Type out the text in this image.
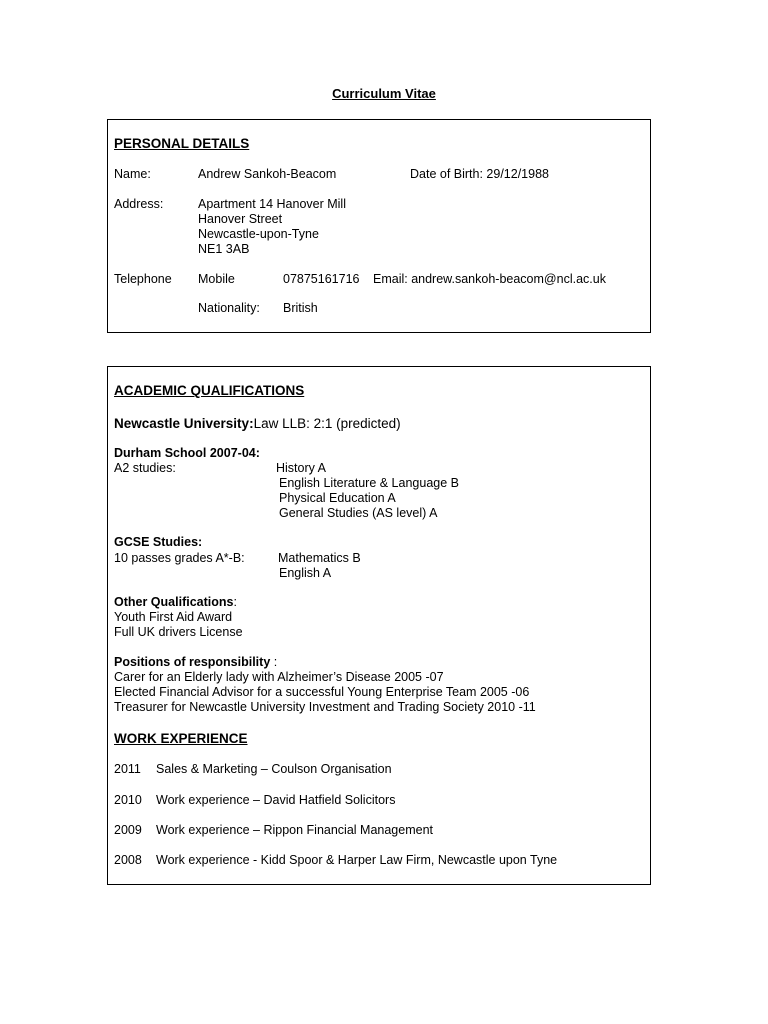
Curriculum Vitae
PERSONAL DETAILS
Name:	Andrew Sankoh-Beacom	Date of Birth: 29/12/1988
Address:	Apartment 14 Hanover Mill
Hanover Street
Newcastle-upon-Tyne
NE1 3AB
Telephone Mobile	07875161716 Email: andrew.sankoh-beacom@ncl.ac.uk
Nationality: British
ACADEMIC QUALIFICATIONS
Newcastle University:Law LLB: 2:1 (predicted)
Durham School 2007-04:
A2 studies:	History A
English Literature & Language B
Physical Education A
General Studies (AS level) A
GCSE Studies:
10 passes grades A*-B:	Mathematics B
English A
Other Qualifications:
Youth First Aid Award
Full UK drivers License
Positions of responsibility :
Carer for an Elderly lady with Alzheimer’s Disease 2005 -07
Elected Financial Advisor for a successful Young Enterprise Team 2005 -06
Treasurer for Newcastle University Investment and Trading Society 2010 -11
WORK EXPERIENCE
2011 Sales & Marketing – Coulson Organisation
2010 Work experience – David Hatfield Solicitors
2009 Work experience – Rippon Financial Management
2008 Work experience - Kidd Spoor & Harper Law Firm, Newcastle upon Tyne
